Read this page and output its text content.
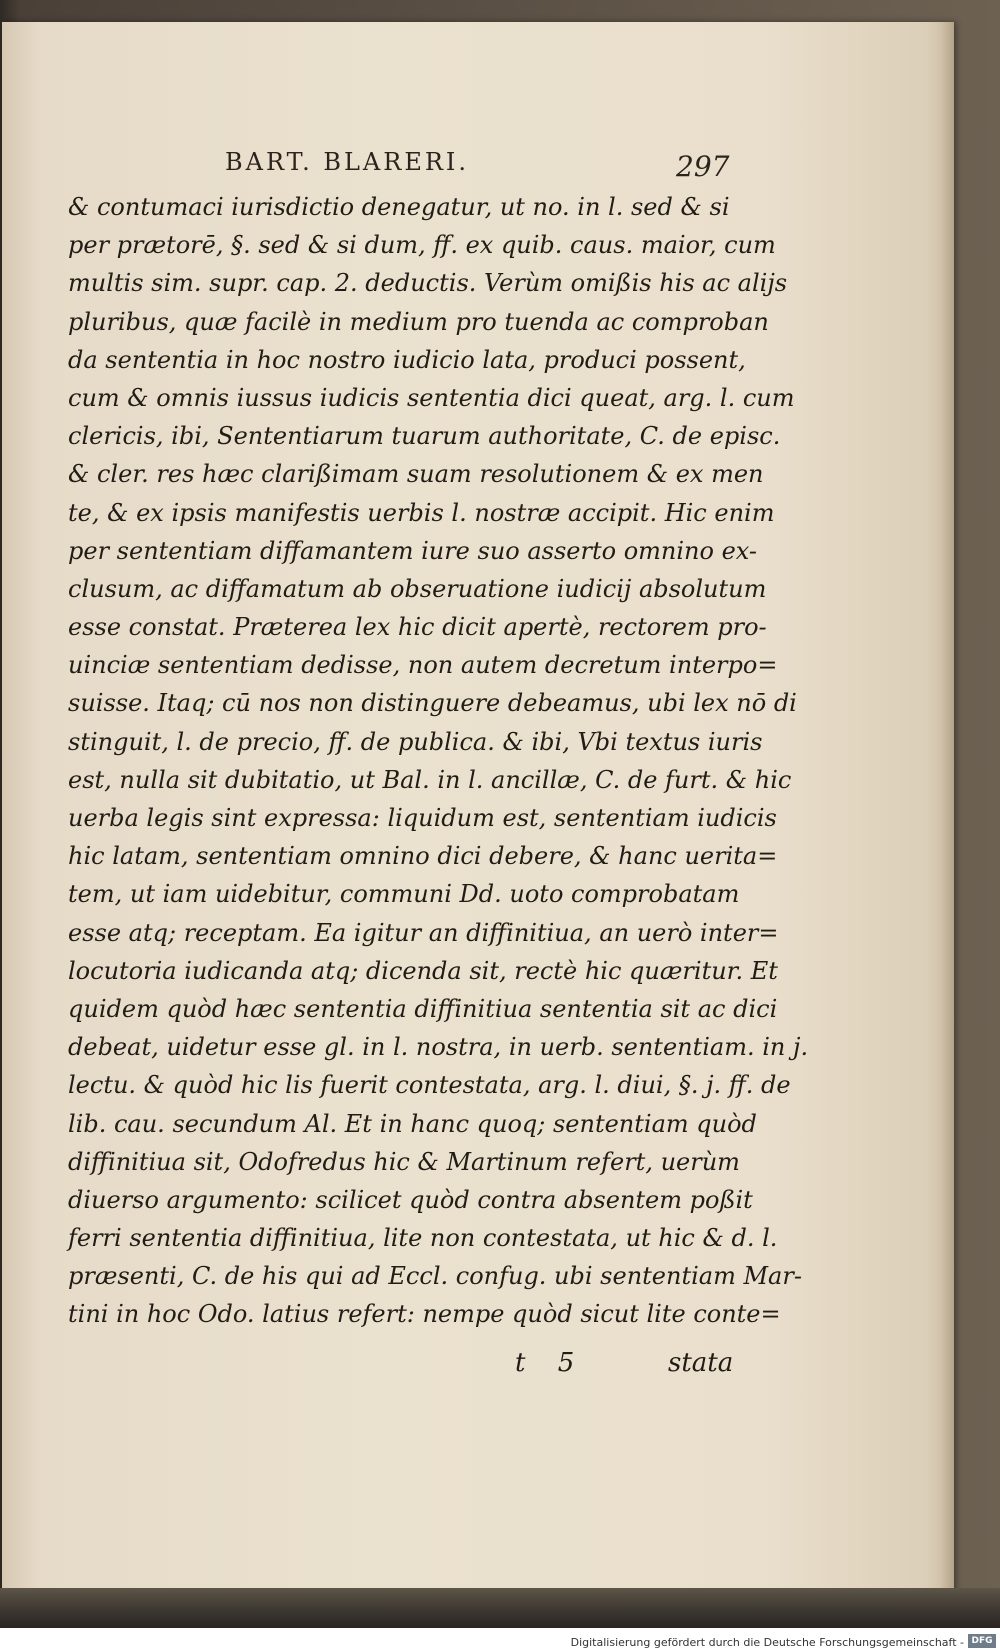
BART. BLARERI.	297
& contumaci iurisdictio denegatur, ut no. in l. sed & si
per prætorē, §. sed & si dum, ff. ex quib. caus. maior, cum
multis sim. supr. cap. 2. deductis. Verùm omißis his ac alijs
pluribus, quæ facilè in medium pro tuenda ac comproban
da sententia in hoc nostro iudicio lata, produci possent,
cum & omnis iussus iudicis sententia dici queat, arg. l. cum
clericis, ibi, Sententiarum tuarum authoritate, C. de episc.
& cler. res hæc clarißimam suam resolutionem & ex men
te, & ex ipsis manifestis uerbis l. nostræ accipit. Hic enim
per sententiam diffamantem iure suo asserto omnino ex-
clusum, ac diffamatum ab obseruatione iudicij absolutum
esse constat. Præterea lex hic dicit apertè, rectorem pro-
uinciæ sententiam dedisse, non autem decretum interpo=
suisse. Itaq; cū nos non distinguere debeamus, ubi lex nō di
stinguit, l. de precio, ff. de publica. & ibi, Vbi textus iuris
est, nulla sit dubitatio, ut Bal. in l. ancillæ, C. de furt. & hic
uerba legis sint expressa: liquidum est, sententiam iudicis
hic latam, sententiam omnino dici debere, & hanc uerita=
tem, ut iam uidebitur, communi Dd. uoto comprobatam
esse atq; receptam. Ea igitur an diffinitiua, an uerò inter=
locutoria iudicanda atq; dicenda sit, rectè hic quæritur. Et
quidem quòd hæc sententia diffinitiua sententia sit ac dici
debeat, uidetur esse gl. in l. nostra, in uerb. sententiam. in j.
lectu. & quòd hic lis fuerit contestata, arg. l. diui, §. j. ff. de
lib. cau. secundum Al. Et in hanc quoq; sententiam quòd
diffinitiua sit, Odofredus hic & Martinum refert, uerùm
diuerso argumento: scilicet quòd contra absentem poßit
ferri sententia diffinitiua, lite non contestata, ut hic & d. l.
præsenti, C. de his qui ad Eccl. confug. ubi sententiam Mar-
tini in hoc Odo. latius refert: nempe quòd sicut lite conte=
t 5	stata
Digitalisierung gefördert durch die Deutsche Forschungsgemeinschaft - DFG
